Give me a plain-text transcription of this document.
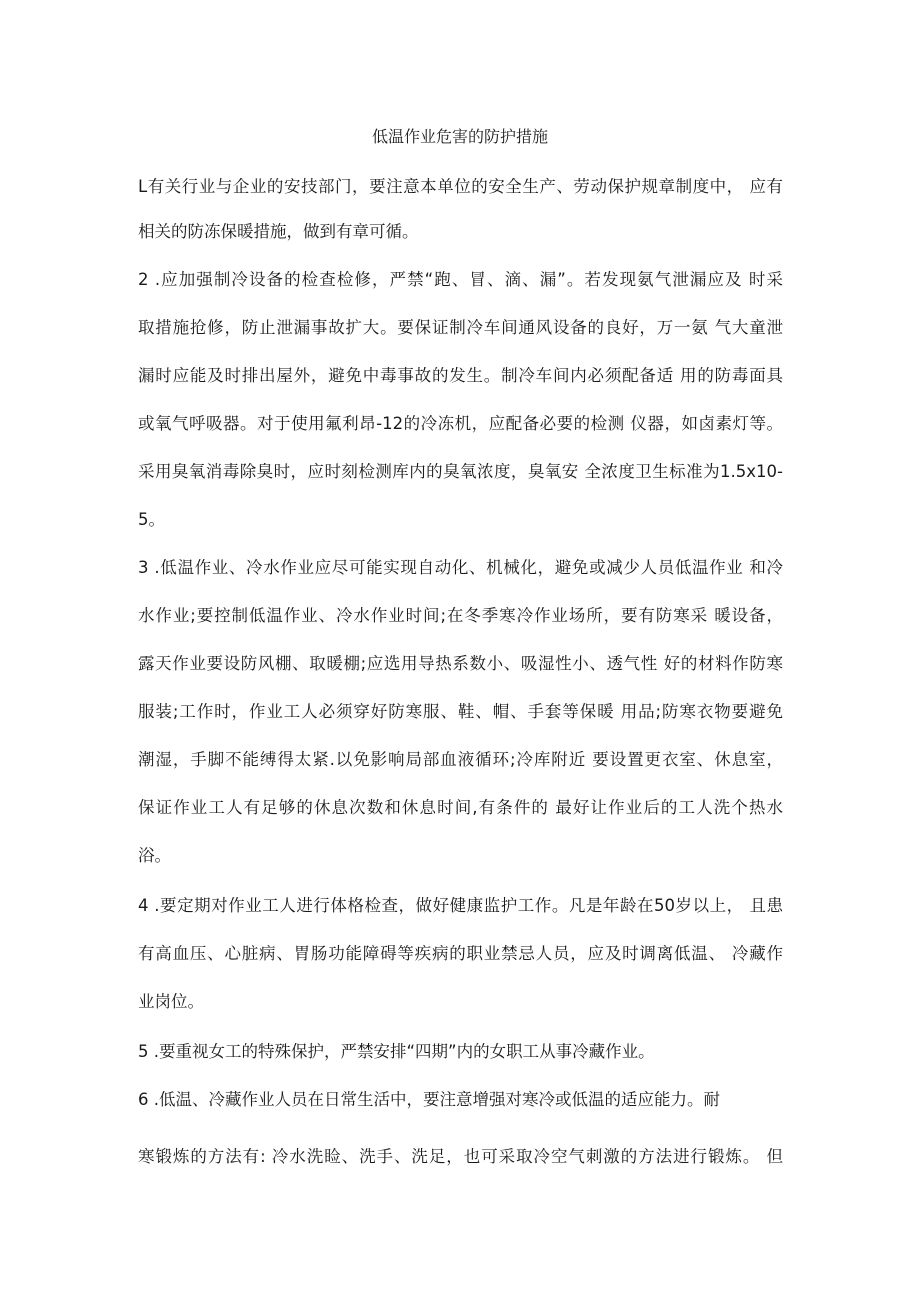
低温作业危害的防护措施
L有关行业与企业的安技部门，要注意本单位的安全生产、劳动保护规章制度中， 应有
相关的防冻保暖措施，做到有章可循。
2 .应加强制冷设备的检查检修，严禁“跑、冒、滴、漏”。若发现氨气泄漏应及 时采
取措施抢修，防止泄漏事故扩大。要保证制冷车间通风设备的良好，万一氨 气大童泄
漏时应能及时排出屋外，避免中毒事故的发生。制冷车间内必须配备适 用的防毒面具
或氧气呼吸器。对于使用氟利昂-12的冷冻机，应配备必要的检测 仪器，如卤素灯等。
采用臭氧消毒除臭时，应时刻检测库内的臭氧浓度，臭氧安 全浓度卫生标准为1.5x10-
5。
3 .低温作业、冷水作业应尽可能实现自动化、机械化，避免或减少人员低温作业 和冷
水作业;要控制低温作业、冷水作业时间;在冬季寒冷作业场所，要有防寒采 暖设备，
露天作业要设防风棚、取暖棚;应选用导热系数小、吸湿性小、透气性 好的材料作防寒
服装;工作时，作业工人必须穿好防寒服、鞋、帽、手套等保暖 用品;防寒衣物要避免
潮湿，手脚不能缚得太紧.以免影响局部血液循环;冷库附近 要设置更衣室、休息室，
保证作业工人有足够的休息次数和休息时间,有条件的 最好让作业后的工人洗个热水
浴。
4 .要定期对作业工人进行体格检查，做好健康监护工作。凡是年龄在50岁以上， 且患
有高血压、心脏病、胃肠功能障碍等疾病的职业禁忌人员，应及时调离低温、 冷藏作
业岗位。
5 .要重视女工的特殊保护，严禁安排“四期”内的女职工从事冷藏作业。
6 .低温、冷藏作业人员在日常生活中，要注意增强对寒冷或低温的适应能力。耐
寒锻炼的方法有: 冷水洗睑、洗手、洗足，也可采取冷空气刺激的方法进行锻炼。 但
